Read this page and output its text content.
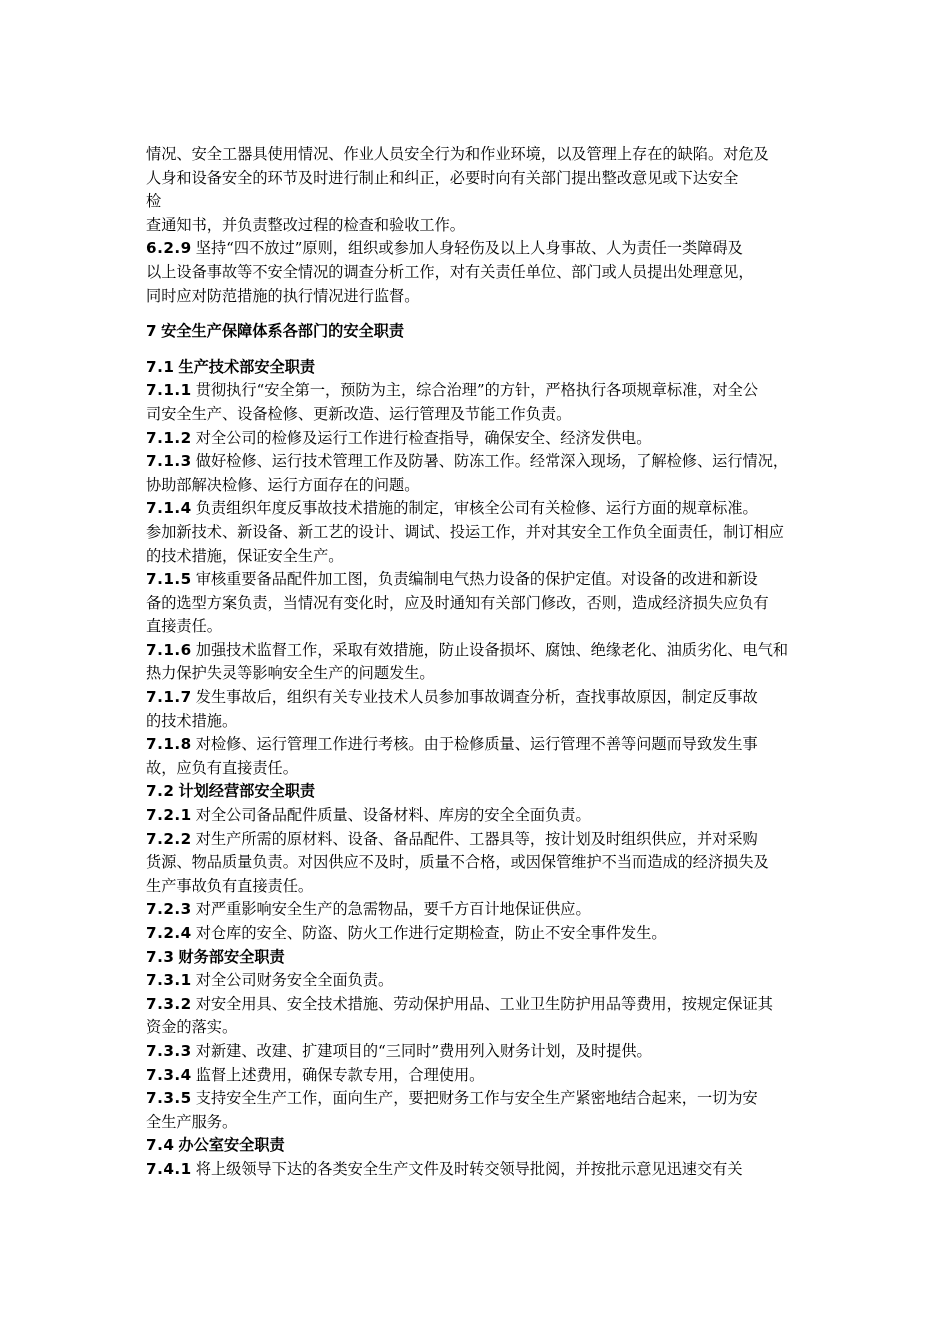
情况、安全工器具使用情况、作业人员安全行为和作业环境，以及管理上存在的缺陷。对危及
人身和设备安全的环节及时进行制止和纠正，必要时向有关部门提出整改意见或下达安全
检
查通知书，并负责整改过程的检查和验收工作。
6.2.9 坚持“四不放过”原则，组织或参加人身轻伤及以上人身事故、人为责任一类障碍及
以上设备事故等不安全情况的调查分析工作，对有关责任单位、部门或人员提出处理意见，
同时应对防范措施的执行情况进行监督。
7 安全生产保障体系各部门的安全职责
7.1 生产技术部安全职责
7.1.1 贯彻执行“安全第一，预防为主，综合治理”的方针，严格执行各项规章标准，对全公
司安全生产、设备检修、更新改造、运行管理及节能工作负责。
7.1.2 对全公司的检修及运行工作进行检查指导，确保安全、经济发供电。
7.1.3 做好检修、运行技术管理工作及防暑、防冻工作。经常深入现场，了解检修、运行情况，
协助部解决检修、运行方面存在的问题。
7.1.4 负责组织年度反事故技术措施的制定，审核全公司有关检修、运行方面的规章标准。
参加新技术、新设备、新工艺的设计、调试、投运工作，并对其安全工作负全面责任，制订相应
的技术措施，保证安全生产。
7.1.5 审核重要备品配件加工图，负责编制电气热力设备的保护定值。对设备的改进和新设
备的选型方案负责，当情况有变化时，应及时通知有关部门修改，否则，造成经济损失应负有
直接责任。
7.1.6 加强技术监督工作，采取有效措施，防止设备损坏、腐蚀、绝缘老化、油质劣化、电气和
热力保护失灵等影响安全生产的问题发生。
7.1.7 发生事故后，组织有关专业技术人员参加事故调查分析，查找事故原因，制定反事故
的技术措施。
7.1.8 对检修、运行管理工作进行考核。由于检修质量、运行管理不善等问题而导致发生事
故，应负有直接责任。
7.2 计划经营部安全职责
7.2.1 对全公司备品配件质量、设备材料、库房的安全全面负责。
7.2.2 对生产所需的原材料、设备、备品配件、工器具等，按计划及时组织供应，并对采购
货源、物品质量负责。对因供应不及时，质量不合格，或因保管维护不当而造成的经济损失及
生产事故负有直接责任。
7.2.3 对严重影响安全生产的急需物品，要千方百计地保证供应。
7.2.4 对仓库的安全、防盗、防火工作进行定期检查，防止不安全事件发生。
7.3 财务部安全职责
7.3.1 对全公司财务安全全面负责。
7.3.2 对安全用具、安全技术措施、劳动保护用品、工业卫生防护用品等费用，按规定保证其
资金的落实。
7.3.3 对新建、改建、扩建项目的“三同时”费用列入财务计划，及时提供。
7.3.4 监督上述费用，确保专款专用，合理使用。
7.3.5 支持安全生产工作，面向生产，要把财务工作与安全生产紧密地结合起来，一切为安
全生产服务。
7.4 办公室安全职责
7.4.1 将上级领导下达的各类安全生产文件及时转交领导批阅，并按批示意见迅速交有关
